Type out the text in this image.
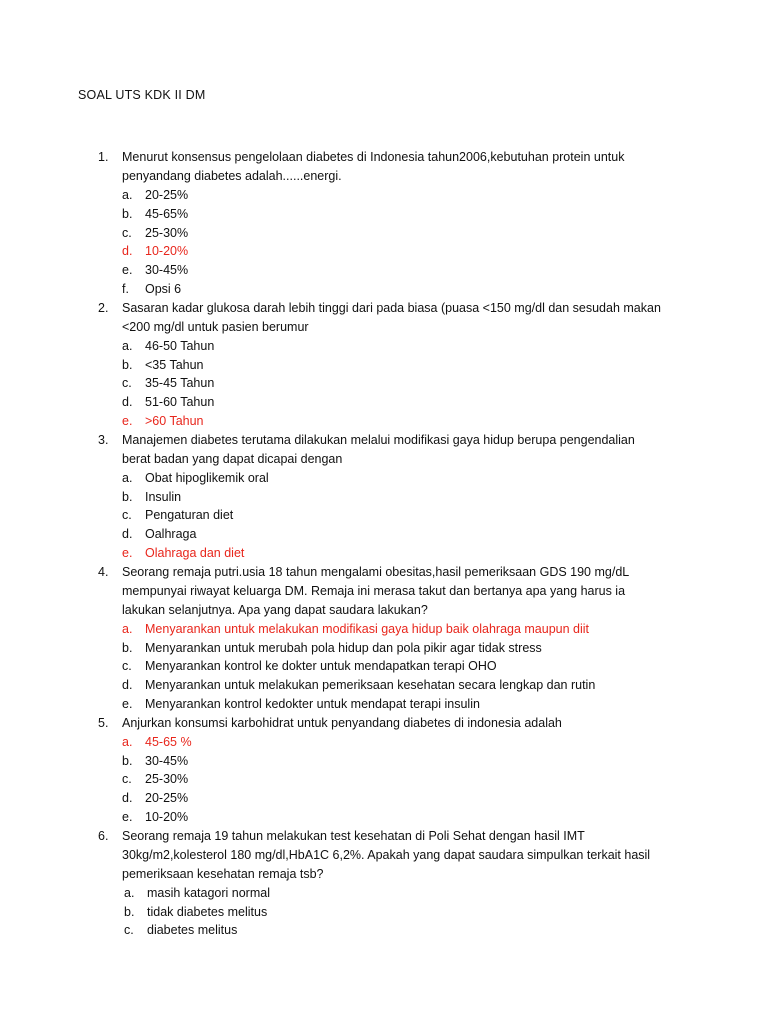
SOAL UTS KDK II DM
1.	Menurut konsensus pengelolaan diabetes di Indonesia tahun2006,kebutuhan protein untuk
penyandang diabetes adalah......energi.
a. 20-25%
b. 45-65%
c. 25-30%
d. 10-20%
e. 30-45%
f. Opsi 6
2.	Sasaran kadar glukosa darah lebih tinggi dari pada biasa (puasa <150 mg/dl dan sesudah makan
<200 mg/dl untuk pasien berumur
a. 46-50 Tahun
b. <35 Tahun
c. 35-45 Tahun
d. 51-60 Tahun
e. >60 Tahun
3.	Manajemen diabetes terutama dilakukan melalui modifikasi gaya hidup berupa pengendalian
berat badan yang dapat dicapai dengan
a. Obat hipoglikemik oral
b. Insulin
c. Pengaturan diet
d. Oalhraga
e. Olahraga dan diet
4.	Seorang remaja putri.usia 18 tahun mengalami obesitas,hasil pemeriksaan GDS 190 mg/dL
mempunyai riwayat keluarga DM. Remaja ini merasa takut dan bertanya apa yang harus ia
lakukan selanjutnya. Apa yang dapat saudara lakukan?
a. Menyarankan untuk melakukan modifikasi gaya hidup baik olahraga maupun diit
b. Menyarankan untuk merubah pola hidup dan pola pikir agar tidak stress
c. Menyarankan kontrol ke dokter untuk mendapatkan terapi OHO
d. Menyarankan untuk melakukan pemeriksaan kesehatan secara lengkap dan rutin
e. Menyarankan kontrol kedokter untuk mendapat terapi insulin
5.	Anjurkan konsumsi karbohidrat untuk penyandang diabetes di indonesia adalah
a. 45-65 %
b. 30-45%
c. 25-30%
d. 20-25%
e. 10-20%
6.	Seorang remaja 19 tahun melakukan test kesehatan di Poli Sehat dengan hasil IMT
30kg/m2,kolesterol 180 mg/dl,HbA1C 6,2%. Apakah yang dapat saudara simpulkan terkait hasil
pemeriksaan kesehatan remaja tsb?
a. masih katagori normal
b. tidak diabetes melitus
c. diabetes melitus
